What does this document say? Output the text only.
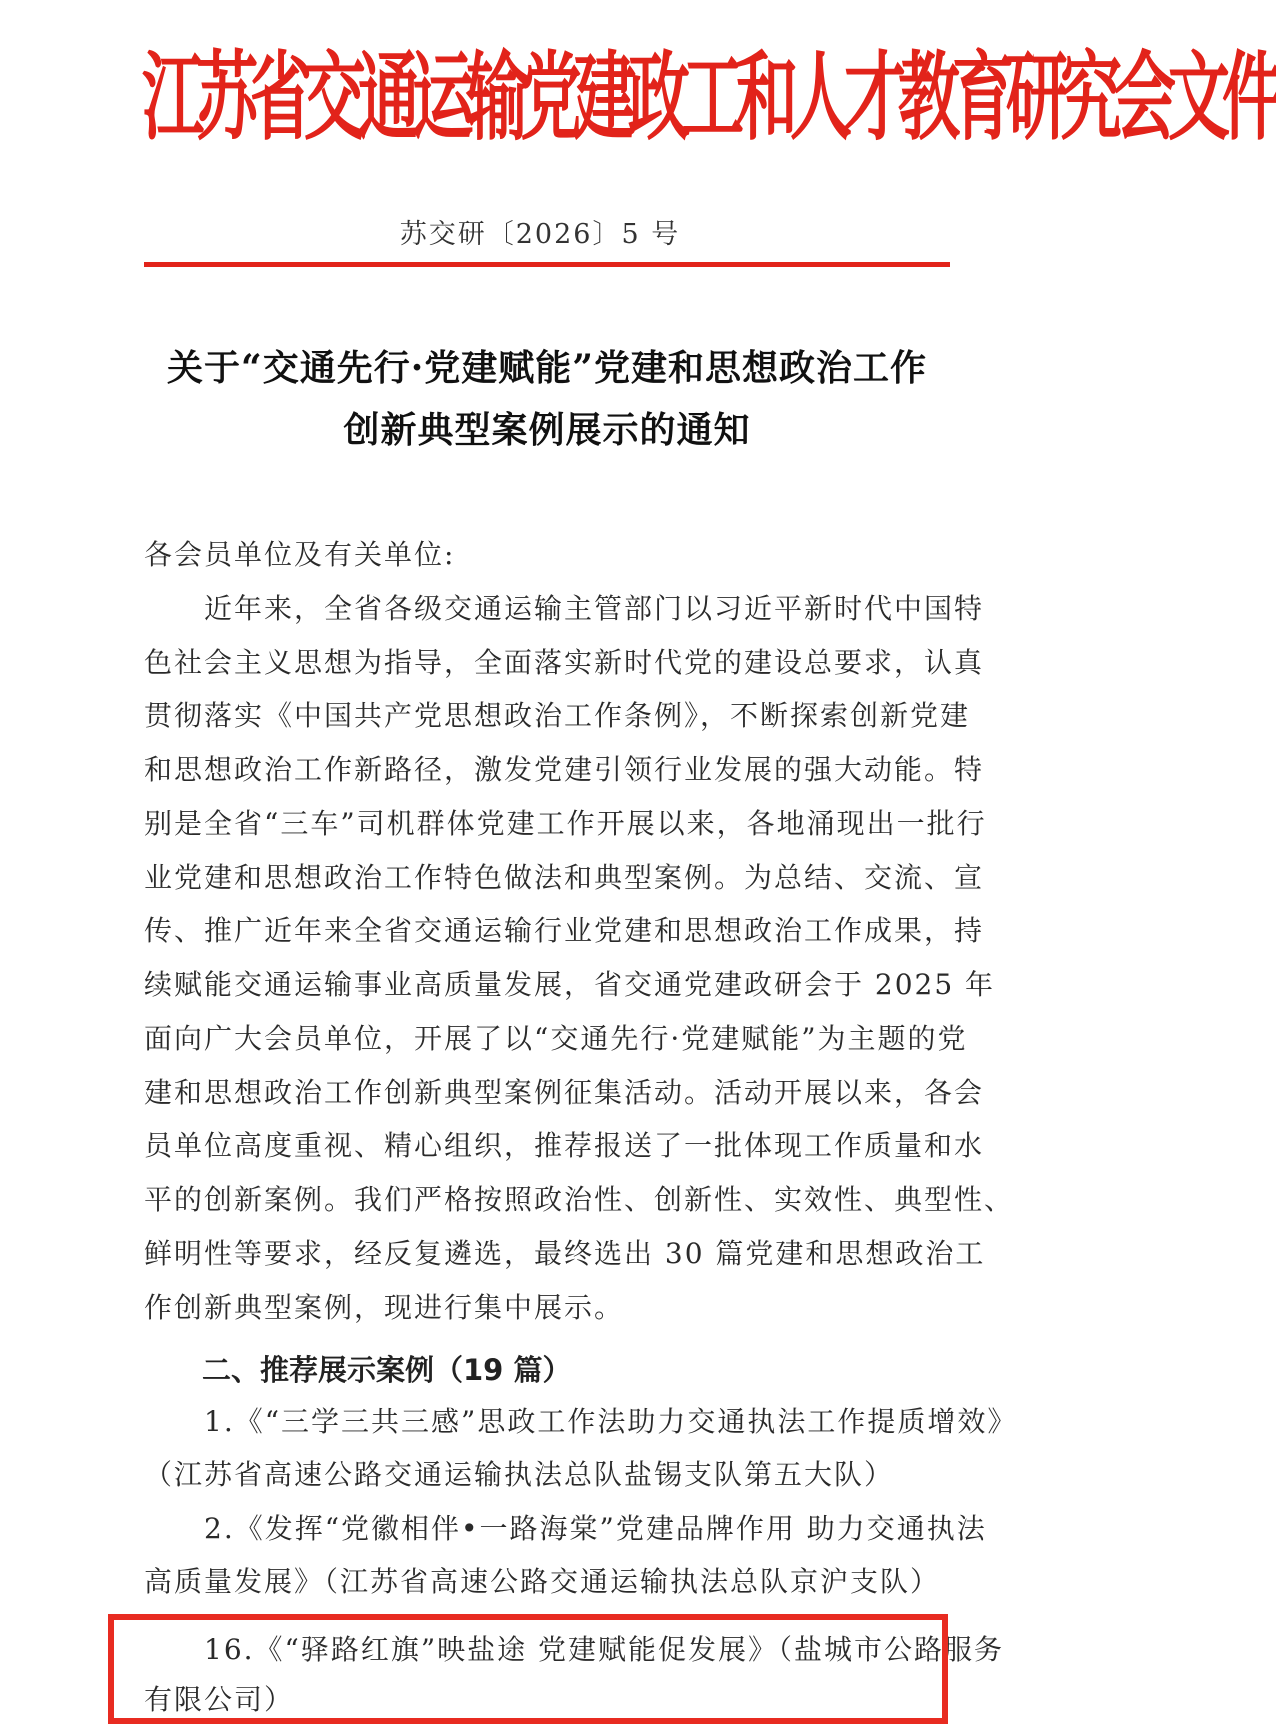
江苏省交通运输党建政工和人才教育研究会文件
苏交研〔2026〕5 号
关于“交通先行·党建赋能”党建和思想政治工作
创新典型案例展示的通知
各会员单位及有关单位:
　　近年来，全省各级交通运输主管部门以习近平新时代中国特
色社会主义思想为指导，全面落实新时代党的建设总要求，认真
贯彻落实《中国共产党思想政治工作条例》，不断探索创新党建
和思想政治工作新路径，激发党建引领行业发展的强大动能。特
别是全省“三车”司机群体党建工作开展以来，各地涌现出一批行
业党建和思想政治工作特色做法和典型案例。为总结、交流、宣
传、推广近年来全省交通运输行业党建和思想政治工作成果，持
续赋能交通运输事业高质量发展，省交通党建政研会于 2025 年
面向广大会员单位，开展了以“交通先行·党建赋能”为主题的党
建和思想政治工作创新典型案例征集活动。活动开展以来，各会
员单位高度重视、精心组织，推荐报送了一批体现工作质量和水
平的创新案例。我们严格按照政治性、创新性、实效性、典型性、
鲜明性等要求，经反复遴选，最终选出 30 篇党建和思想政治工
作创新典型案例，现进行集中展示。
二、推荐展示案例（19 篇）
　　1.《“三学三共三感”思政工作法助力交通执法工作提质增效》
（江苏省高速公路交通运输执法总队盐锡支队第五大队）
　　2.《发挥“党徽相伴•一路海棠”党建品牌作用 助力交通执法
高质量发展》（江苏省高速公路交通运输执法总队京沪支队）
　　16.《“驿路红旗”映盐途 党建赋能促发展》（盐城市公路服务
有限公司）
